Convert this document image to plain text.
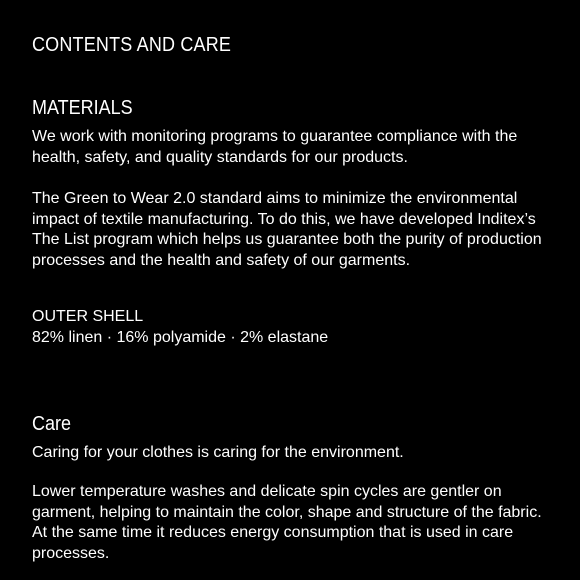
CONTENTS AND CARE
MATERIALS

We work with monitoring programs to guarantee compliance with the health, safety, and quality standards for our products.

The Green to Wear 2.0 standard aims to minimize the environmental impact of textile manufacturing. To do this, we have developed Inditex’s The List program which helps us guarantee both the purity of production processes and the health and safety of our garments.

OUTER SHELL

82% linen · 16% polyamide · 2% elastane

Care

Caring for your clothes is caring for the environment.

Lower temperature washes and delicate spin cycles are gentler on garment, helping to maintain the color, shape and structure of the fabric. At the same time it reduces energy consumption that is used in care processes.
